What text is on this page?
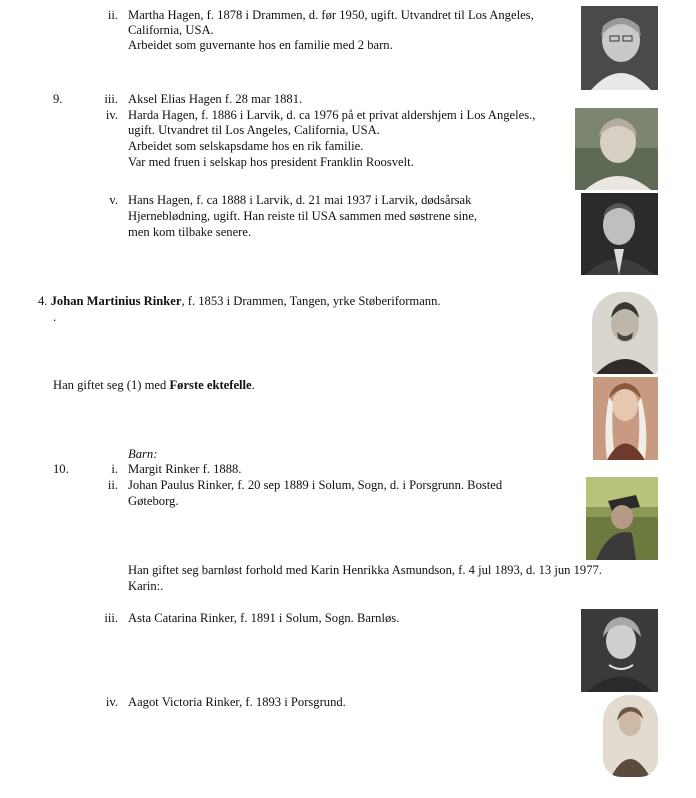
ii. Martha Hagen, f. 1878 i Drammen, d. før 1950, ugift. Utvandret til Los Angeles,
California, USA.
Arbeidet som guvernante hos en familie med 2 barn.
9.	iii. Aksel Elias Hagen f. 28 mar 1881.
iv. Harda Hagen, f. 1886 i Larvik, d. ca 1976 på et privat aldershjem i Los Angeles.,
ugift. Utvandret til Los Angeles, California, USA.
Arbeidet som selskapsdame hos en rik familie.
Var med fruen i selskap hos president Franklin Roosvelt.
v. Hans Hagen, f. ca 1888 i Larvik, d. 21 mai 1937 i Larvik, dødsårsak
Hjerneblødning, ugift. Han reiste til USA sammen med søstrene sine,
men kom tilbake senere.
4. Johan Martinius Rinker, f. 1853 i Drammen, Tangen, yrke Støberiformann.
.
Han giftet seg (1) med Første ektefelle.
Barn:
10.	i. Margit Rinker f. 1888.
ii. Johan Paulus Rinker, f. 20 sep 1889 i Solum, Sogn, d. i Porsgrunn. Bosted
Gøteborg.
Han giftet seg barnløst forhold med Karin Henrikka Asmundson, f. 4 jul 1893, d. 13 jun 1977.
Karin:.
iii. Asta Catarina Rinker, f. 1891 i Solum, Sogn. Barnløs.
iv. Aagot Victoria Rinker, f. 1893 i Porsgrund.
